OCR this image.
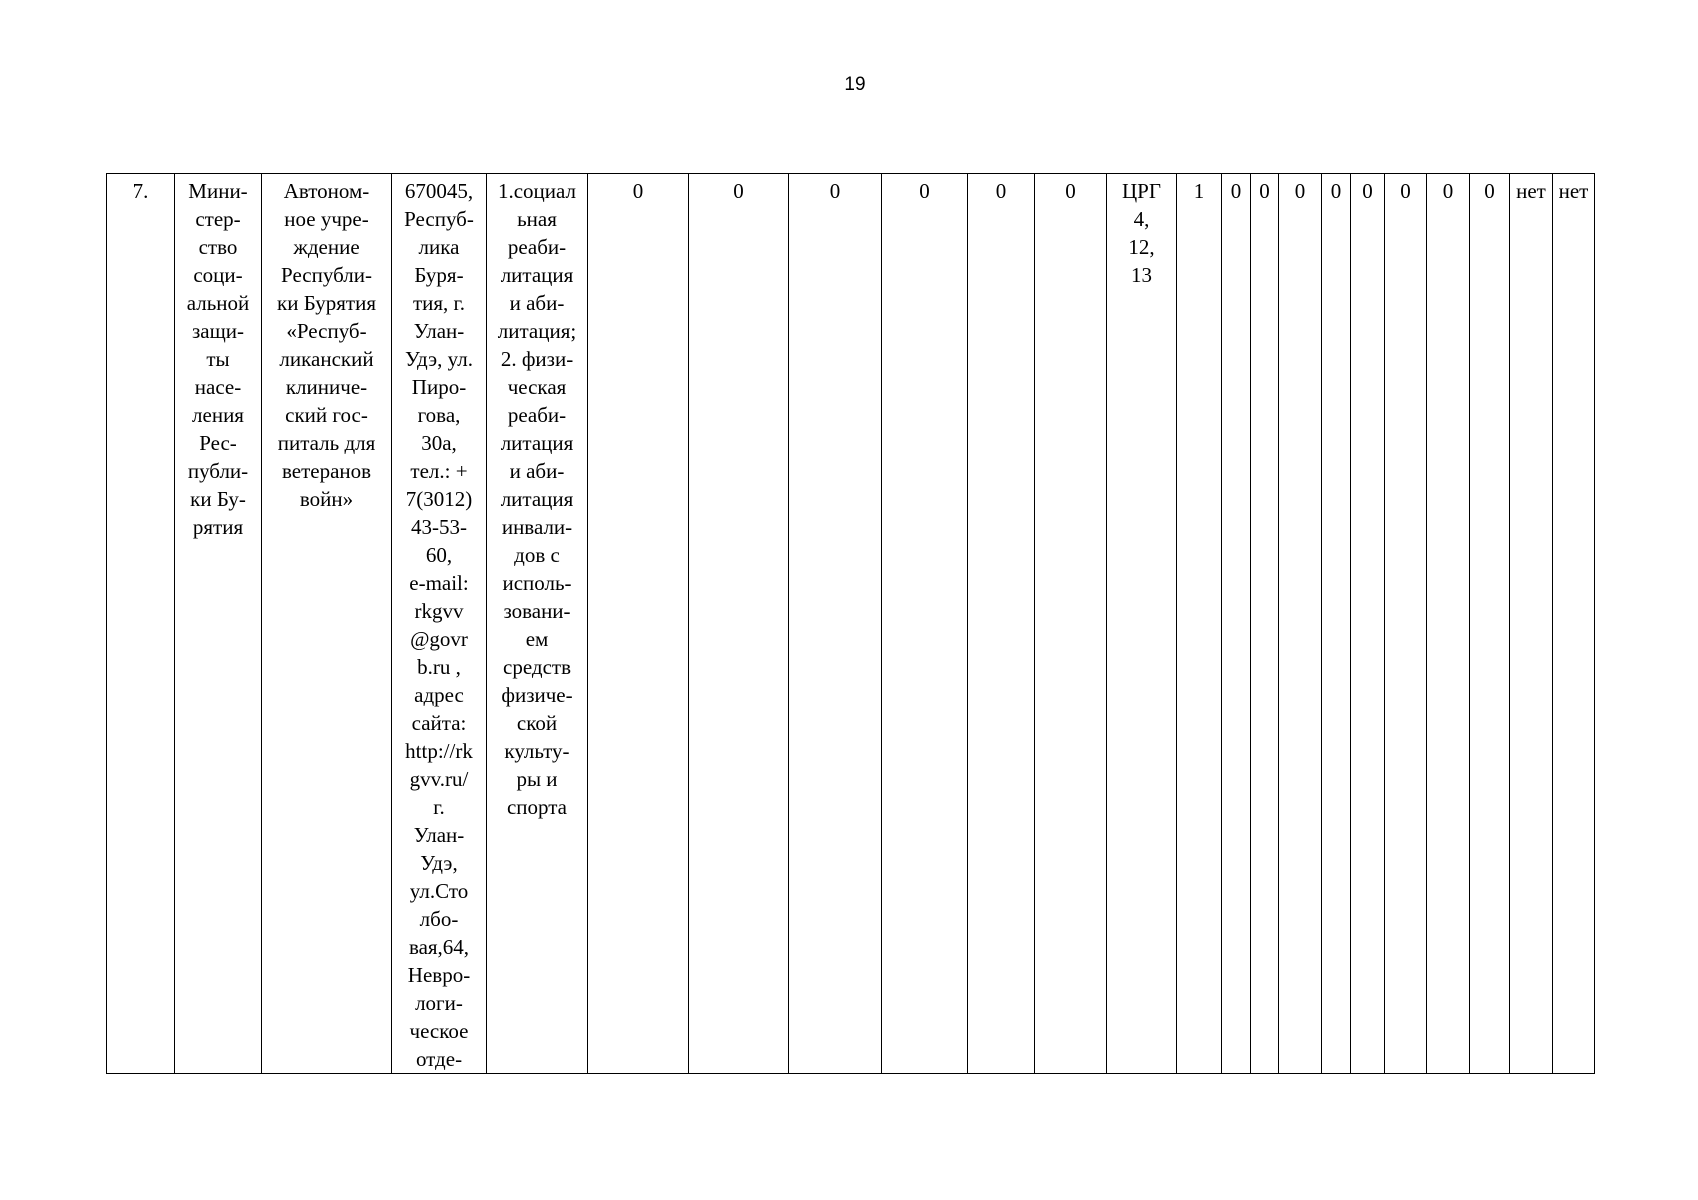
19
7.	Мини-
стер-
ство
соци-
альной
защи-
ты
насе-
ления
Рес-
публи-
ки Бу-
рятия	Автоном-
ное учре-
ждение
Республи-
ки Бурятия
«Респуб-
ликанский
клиниче-
ский гос-
питаль для
ветеранов
войн»	670045,
Респуб-
лика
Буря-
тия, г.
Улан-
Удэ, ул.
Пиро-
гова,
30а,
тел.: +
7(3012)
43-53-
60,
e-mail:
rkgvv
@govr
b.ru ,
адрес
сайта:
http://rk
gvv.ru/
г.
Улан-
Удэ,
ул.Сто
лбо-
вая,64,
Невро-
логи-
ческое
отде-	1.социал
ьная
реаби-
литация
и аби-
литация;
2. физи-
ческая
реаби-
литация
и аби-
литация
инвали-
дов с
исполь-
зовани-
ем
средств
физиче-
ской
культу-
ры и
спорта	0	0	0	0	0	0	ЦРГ
4,
12,
13	1	0	0	0	0	0	0	0	0	нет	нет
